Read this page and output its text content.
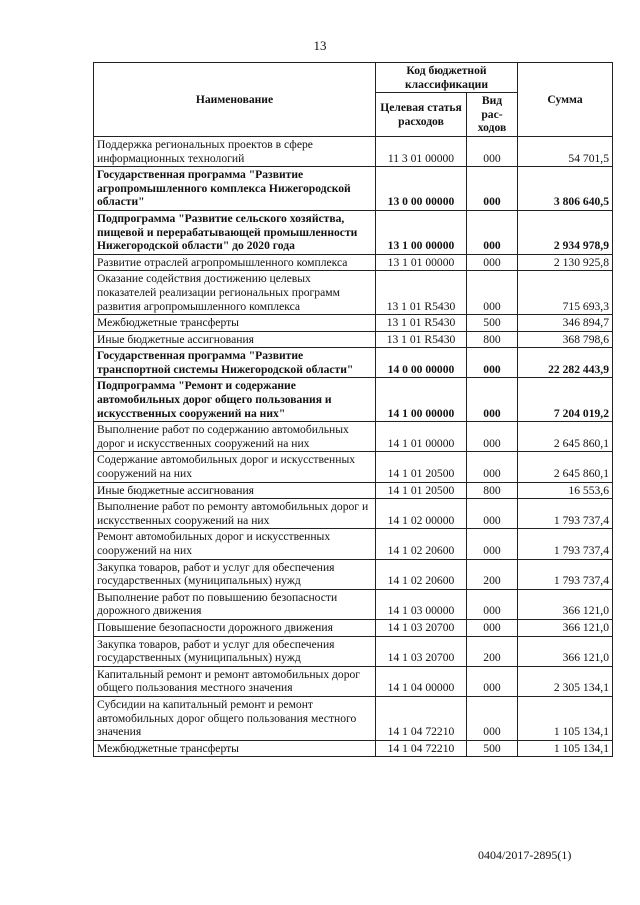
13
Наименование	Код бюджетной классификации		Сумма
	Целевая статья расходов	Вид рас-ходов	
Поддержка региональных проектов в сфере информационных технологий	11 3 01 00000	000	54 701,5
Государственная программа "Развитие агропромышленного комплекса Нижегородской области"	13 0 00 00000	000	3 806 640,5
Подпрограмма "Развитие сельского хозяйства, пищевой и перерабатывающей промышленности Нижегородской области" до 2020 года	13 1 00 00000	000	2 934 978,9
Развитие отраслей агропромышленного комплекса	13 1 01 00000	000	2 130 925,8
Оказание содействия достижению целевых показателей реализации региональных программ развития агропромышленного комплекса	13 1 01 R5430	000	715 693,3
Межбюджетные трансферты	13 1 01 R5430	500	346 894,7
Иные бюджетные ассигнования	13 1 01 R5430	800	368 798,6
Государственная программа "Развитие транспортной системы Нижегородской области"	14 0 00 00000	000	22 282 443,9
Подпрограмма "Ремонт и содержание автомобильных дорог общего пользования и искусственных сооружений на них"	14 1 00 00000	000	7 204 019,2
Выполнение работ по содержанию автомобильных дорог и искусственных сооружений на них	14 1 01 00000	000	2 645 860,1
Содержание автомобильных дорог и искусственных сооружений на них	14 1 01 20500	000	2 645 860,1
Иные бюджетные ассигнования	14 1 01 20500	800	16 553,6
Выполнение работ по ремонту автомобильных дорог и искусственных сооружений на них	14 1 02 00000	000	1 793 737,4
Ремонт автомобильных дорог и искусственных сооружений на них	14 1 02 20600	000	1 793 737,4
Закупка товаров, работ и услуг для обеспечения государственных (муниципальных) нужд	14 1 02 20600	200	1 793 737,4
Выполнение работ по повышению безопасности дорожного движения	14 1 03 00000	000	366 121,0
Повышение безопасности дорожного движения	14 1 03 20700	000	366 121,0
Закупка товаров, работ и услуг для обеспечения государственных (муниципальных) нужд	14 1 03 20700	200	366 121,0
Капитальный ремонт и ремонт автомобильных дорог общего пользования местного значения	14 1 04 00000	000	2 305 134,1
Субсидии на капитальный ремонт и ремонт автомобильных дорог общего пользования местного значения	14 1 04 72210	000	1 105 134,1
Межбюджетные трансферты	14 1 04 72210	500	1 105 134,1
0404/2017-2895(1)
